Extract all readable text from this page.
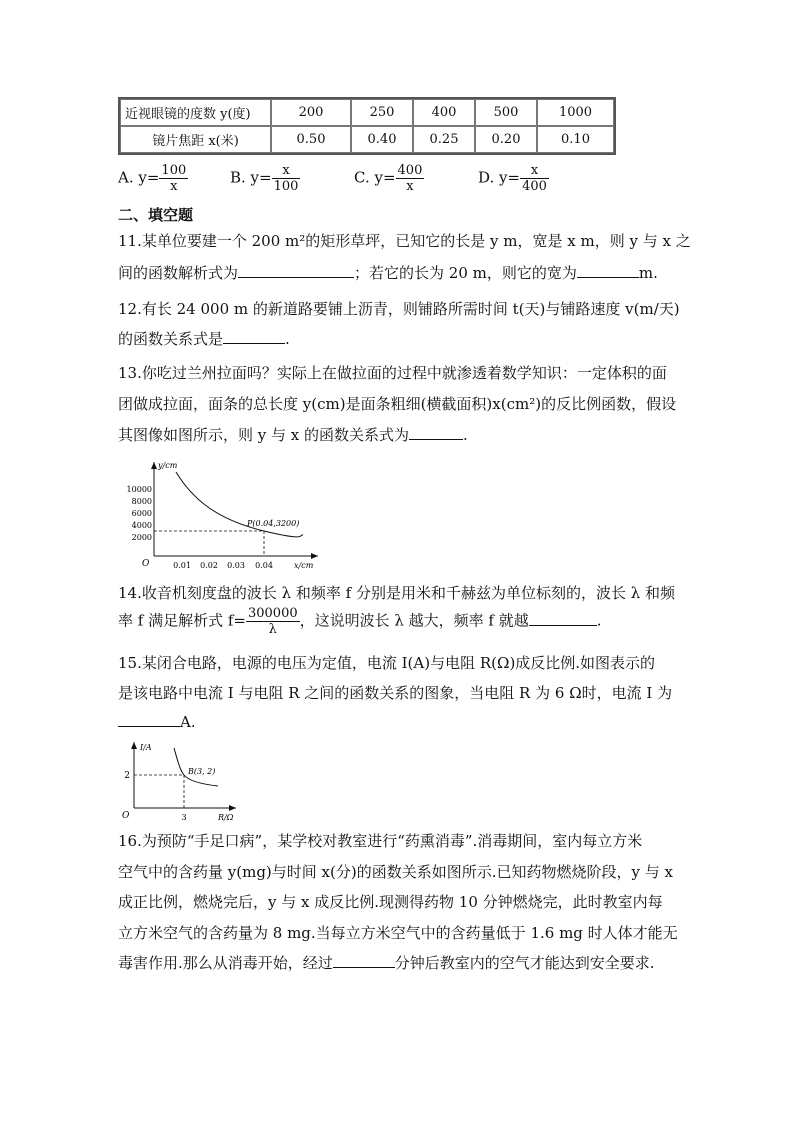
近视眼镜的度数 y(度)	200	250	400	500	1000
镜片焦距 x(米)	0.50	0.40	0.25	0.20	0.10
A. $y= \frac{100}{x}$	B. $y= \frac{x}{100}$	C. $y= \frac{400}{x}$	D. $y= \frac{x}{400}$
二、填空题
11.某单位要建一个 200 m²的矩形草坪，已知它的长是 y m，宽是 x m，则 y 与 x 之
间的函数解析式为	；若它的长为 20 m，则它的宽为	m.
12.有长 24 000 m 的新道路要铺上沥青，则铺路所需时间 t(天)与铺路速度 v(m/天)
的函数关系式是	.
13.你吃过兰州拉面吗？实际上在做拉面的过程中就渗透着数学知识：一定体积的面
团做成拉面，面条的总长度 y(cm)是面条粗细(横截面积)x(cm²)的反比例函数，假设
其图像如图所示，则 y 与 x 的函数关系式为	.
y/cm
x/cm
O
10000
8000
6000
4000
2000
0.01 0.02 0.03 0.04
P(0.04,3200)
14.收音机刻度盘的波长 λ 和频率 f 分别是用米和千赫兹为单位标刻的，波长 λ 和频
率 f 满足解析式 $f= \frac{300000}{\lambda}$ ，这说明波长 λ 越大，频率 f 就越	.
15.某闭合电路，电源的电压为定值，电流 I(A)与电阻 R(Ω)成反比例.如图表示的
是该电路中电流 I 与电阻 R 之间的函数关系的图象，当电阻 R 为 6 Ω时，电流 I 为
A.
I/A
R/Ω
O
2
3
B(3, 2)
16.为预防“手足口病”，某学校对教室进行“药熏消毒”.消毒期间，室内每立方米
空气中的含药量 y(mg)与时间 x(分)的函数关系如图所示.已知药物燃烧阶段，y 与 x
成正比例，燃烧完后，y 与 x 成反比例.现测得药物 10 分钟燃烧完，此时教室内每
立方米空气的含药量为 8 mg.当每立方米空气中的含药量低于 1.6 mg 时人体才能无
毒害作用.那么从消毒开始，经过	分钟后教室内的空气才能达到安全要求.
